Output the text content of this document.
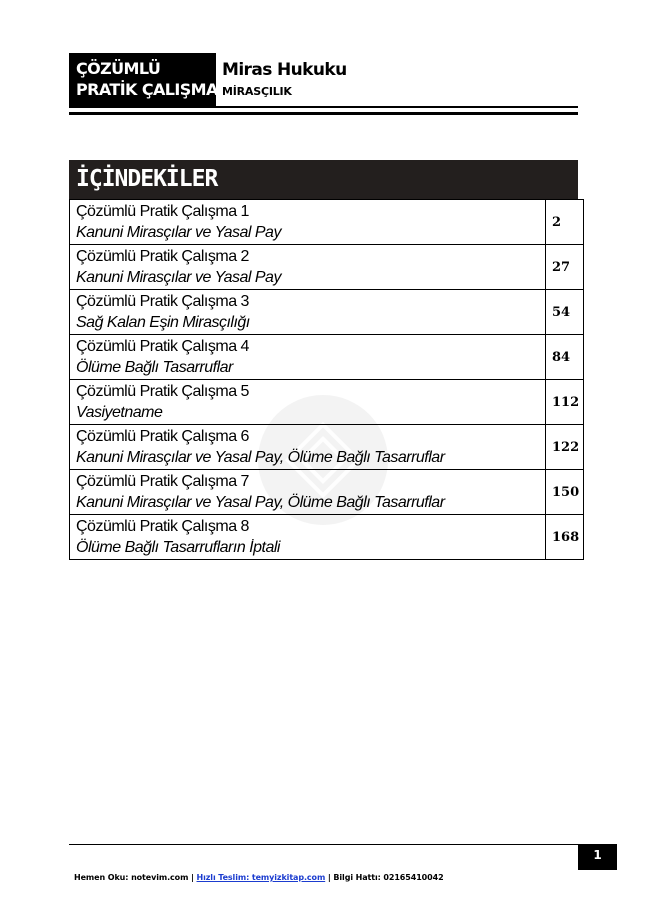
ÇÖZÜMLÜ
PRATİK ÇALIŞMA
Miras Hukuku
MİRASÇILIK
İÇİNDEKİLER
Çözümlü Pratik Çalışma 1
Kanuni Mirasçılar ve Yasal Pay	2

Çözümlü Pratik Çalışma 2
Kanuni Mirasçılar ve Yasal Pay	27

Çözümlü Pratik Çalışma 3
Sağ Kalan Eşin Mirasçılığı	54

Çözümlü Pratik Çalışma 4
Ölüme Bağlı Tasarruflar	84

Çözümlü Pratik Çalışma 5
Vasiyetname	112

Çözümlü Pratik Çalışma 6
Kanuni Mirasçılar ve Yasal Pay, Ölüme Bağlı Tasarruflar	122

Çözümlü Pratik Çalışma 7
Kanuni Mirasçılar ve Yasal Pay, Ölüme Bağlı Tasarruflar	150

Çözümlü Pratik Çalışma 8
Ölüme Bağlı Tasarrufların İptali	168
1
Hemen Oku: notevim.com | Hızlı Teslim: temyizkitap.com | Bilgi Hattı: 02165410042
